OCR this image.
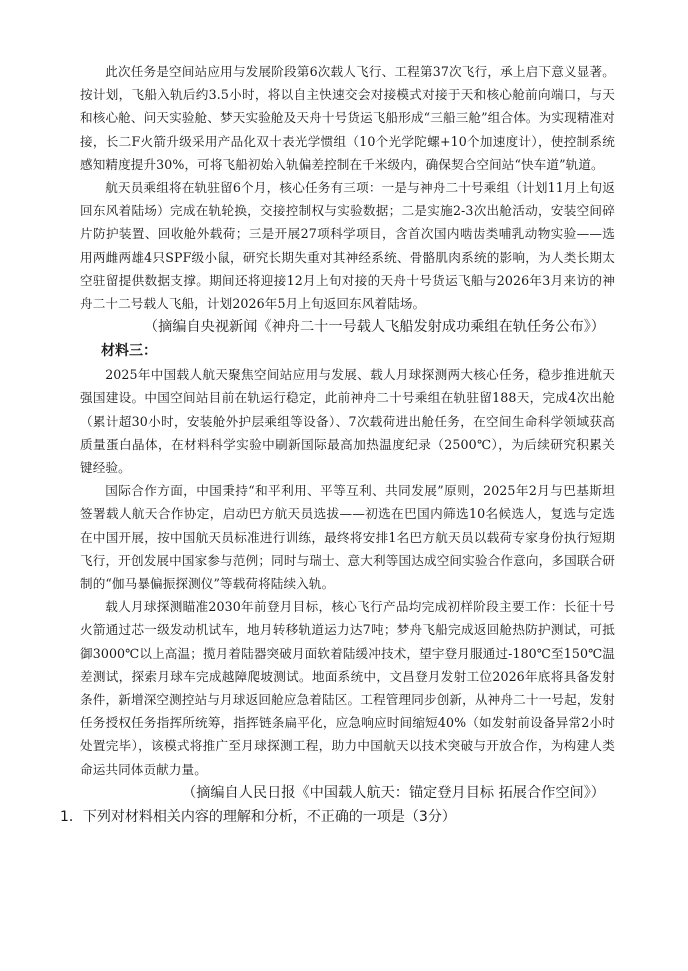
此次任务是空间站应用与发展阶段第6次载人飞行、工程第37次飞行，承上启下意义显著。按计划，飞船入轨后约3.5小时，将以自主快速交会对接模式对接于天和核心舱前向端口，与天和核心舱、问天实验舱、梦天实验舱及天舟十号货运飞船形成“三船三舱”组合体。为实现精准对接，长二F火箭升级采用产品化双十表光学惯组（10个光学陀螺+10个加速度计），使控制系统感知精度提升30%，可将飞船初始入轨偏差控制在千米级内，确保契合空间站“快车道”轨道。

航天员乘组将在轨驻留6个月，核心任务有三项：一是与神舟二十号乘组（计划11月上旬返回东风着陆场）完成在轨轮换，交接控制权与实验数据；二是实施2-3次出舱活动，安装空间碎片防护装置、回收舱外载荷；三是开展27项科学项目，含首次国内啮齿类哺乳动物实验——选用两雌两雄4只SPF级小鼠，研究长期失重对其神经系统、骨骼肌肉系统的影响，为人类长期太空驻留提供数据支撑。期间还将迎接12月上旬对接的天舟十号货运飞船与2026年3月来访的神舟二十二号载人飞船，计划2026年5月上旬返回东风着陆场。

（摘编自央视新闻《神舟二十一号载人飞船发射成功乘组在轨任务公布》）

材料三：

2025年中国载人航天聚焦空间站应用与发展、载人月球探测两大核心任务，稳步推进航天强国建设。中国空间站目前在轨运行稳定，此前神舟二十号乘组在轨驻留188天，完成4次出舱（累计超30小时，安装舱外护层乘组等设备）、7次载荷进出舱任务，在空间生命科学领域获高质量蛋白晶体，在材料科学实验中刷新国际最高加热温度纪录（2500℃），为后续研究积累关键经验。

国际合作方面，中国秉持“和平利用、平等互利、共同发展”原则，2025年2月与巴基斯坦签署载人航天合作协定，启动巴方航天员选拔——初选在巴国内筛选10名候选人，复选与定选在中国开展，按中国航天员标准进行训练，最终将安排1名巴方航天员以载荷专家身份执行短期飞行，开创发展中国家参与范例；同时与瑞士、意大利等国达成空间实验合作意向，多国联合研制的“伽马暴偏振探测仪”等载荷将陆续入轨。

载人月球探测瞄准2030年前登月目标，核心飞行产品均完成初样阶段主要工作：长征十号火箭通过芯一级发动机试车，地月转移轨道运力达7吨；梦舟飞船完成返回舱热防护测试，可抵御3000℃以上高温；揽月着陆器突破月面软着陆缓冲技术，望宇登月服通过-180℃至150℃温差测试，探索月球车完成越障爬坡测试。地面系统中，文昌登月发射工位2026年底将具备发射条件，新增深空测控站与月球返回舱应急着陆区。工程管理同步创新，从神舟二十一号起，发射任务授权任务指挥所统筹，指挥链条扁平化，应急响应时间缩短40%（如发射前设备异常2小时处置完毕），该模式将推广至月球探测工程，助力中国航天以技术突破与开放合作，为构建人类命运共同体贡献力量。

（摘编自人民日报《中国载人航天：锚定登月目标 拓展合作空间》）

1．下列对材料相关内容的理解和分析，不正确的一项是（3分）
